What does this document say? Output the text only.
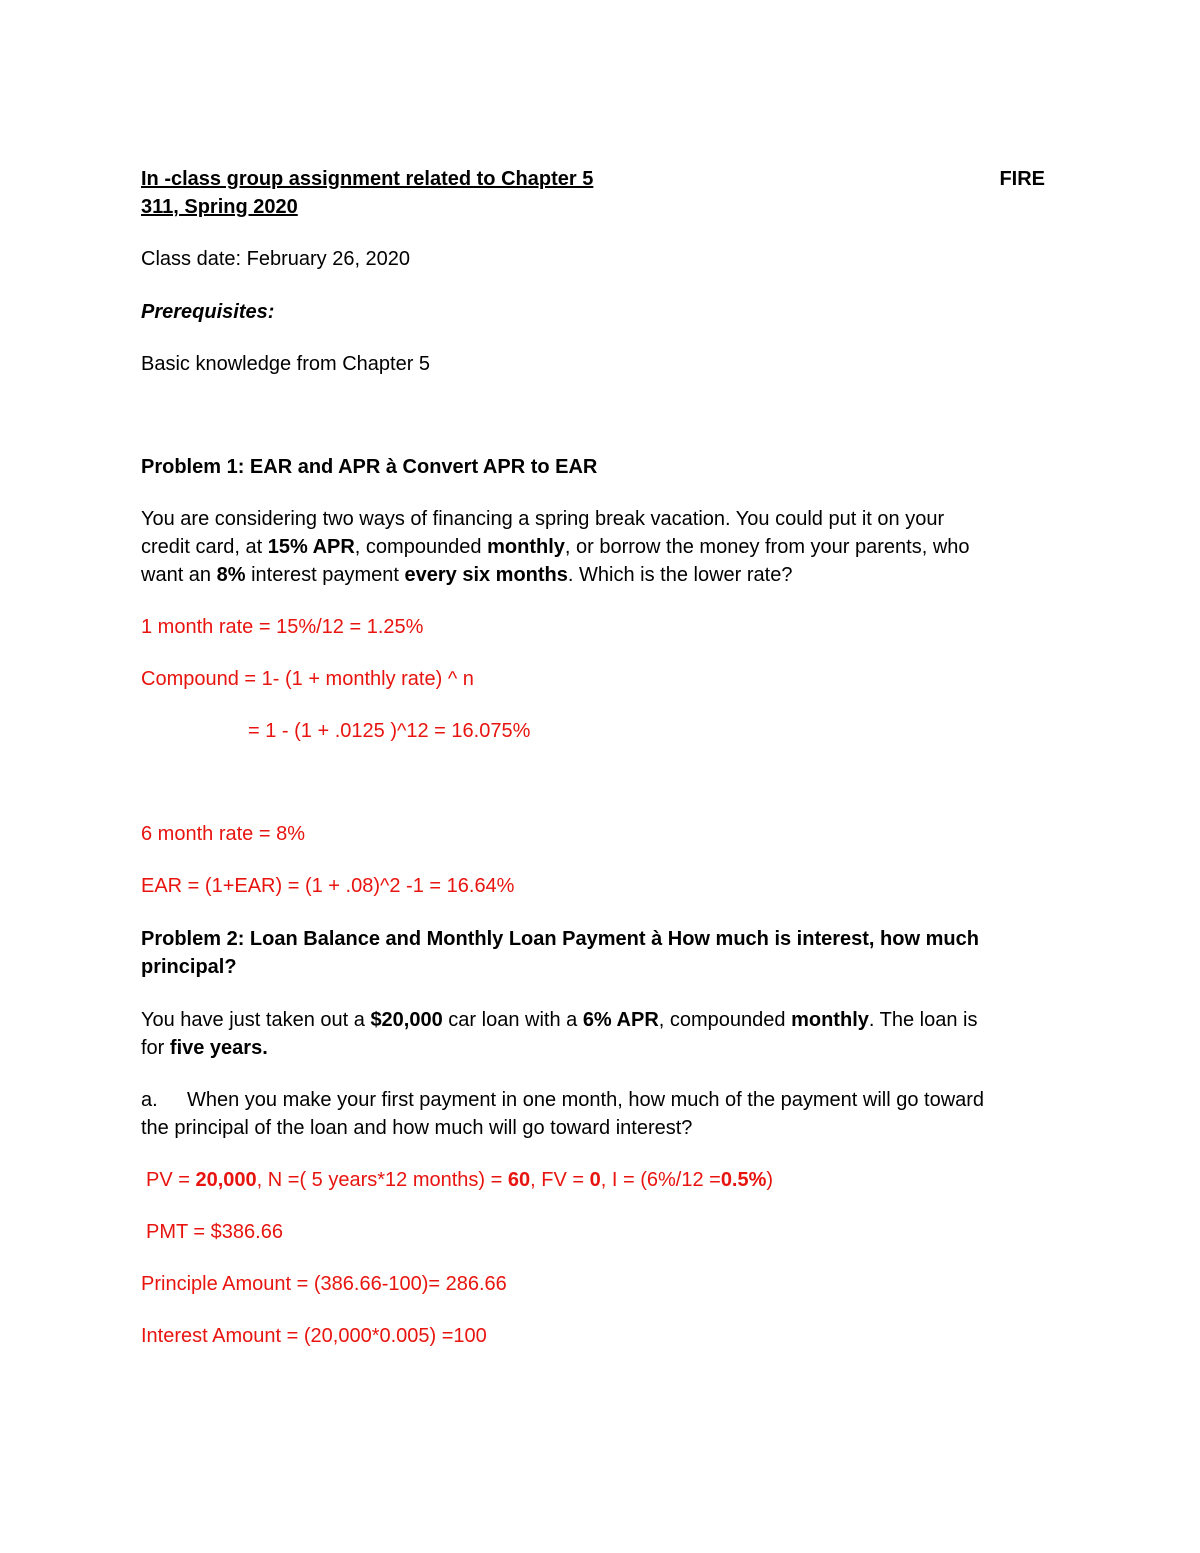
In -class group assignment related to Chapter 5	FIRE
311, Spring 2020
Class date: February 26, 2020
Prerequisites:
Basic knowledge from Chapter 5
Problem 1: EAR and APR à Convert APR to EAR
You are considering two ways of financing a spring break vacation. You could put it on your
credit card, at 15% APR, compounded monthly, or borrow the money from your parents, who
want an 8% interest payment every six months. Which is the lower rate?
1 month rate = 15%/12 = 1.25%
Compound = 1- (1 + monthly rate) ^ n
= 1 - (1 + .0125 )^12 = 16.075%
6 month rate = 8%
EAR = (1+EAR) = (1 + .08)^2 -1 = 16.64%
Problem 2: Loan Balance and Monthly Loan Payment à How much is interest, how much
principal?
You have just taken out a $20,000 car loan with a 6% APR, compounded monthly. The loan is
for five years.
a. When you make your first payment in one month, how much of the payment will go toward
the principal of the loan and how much will go toward interest?
PV = 20,000, N =( 5 years*12 months) = 60, FV = 0, I = (6%/12 =0.5%)
PMT = $386.66
Principle Amount = (386.66-100)= 286.66
Interest Amount = (20,000*0.005) =100
